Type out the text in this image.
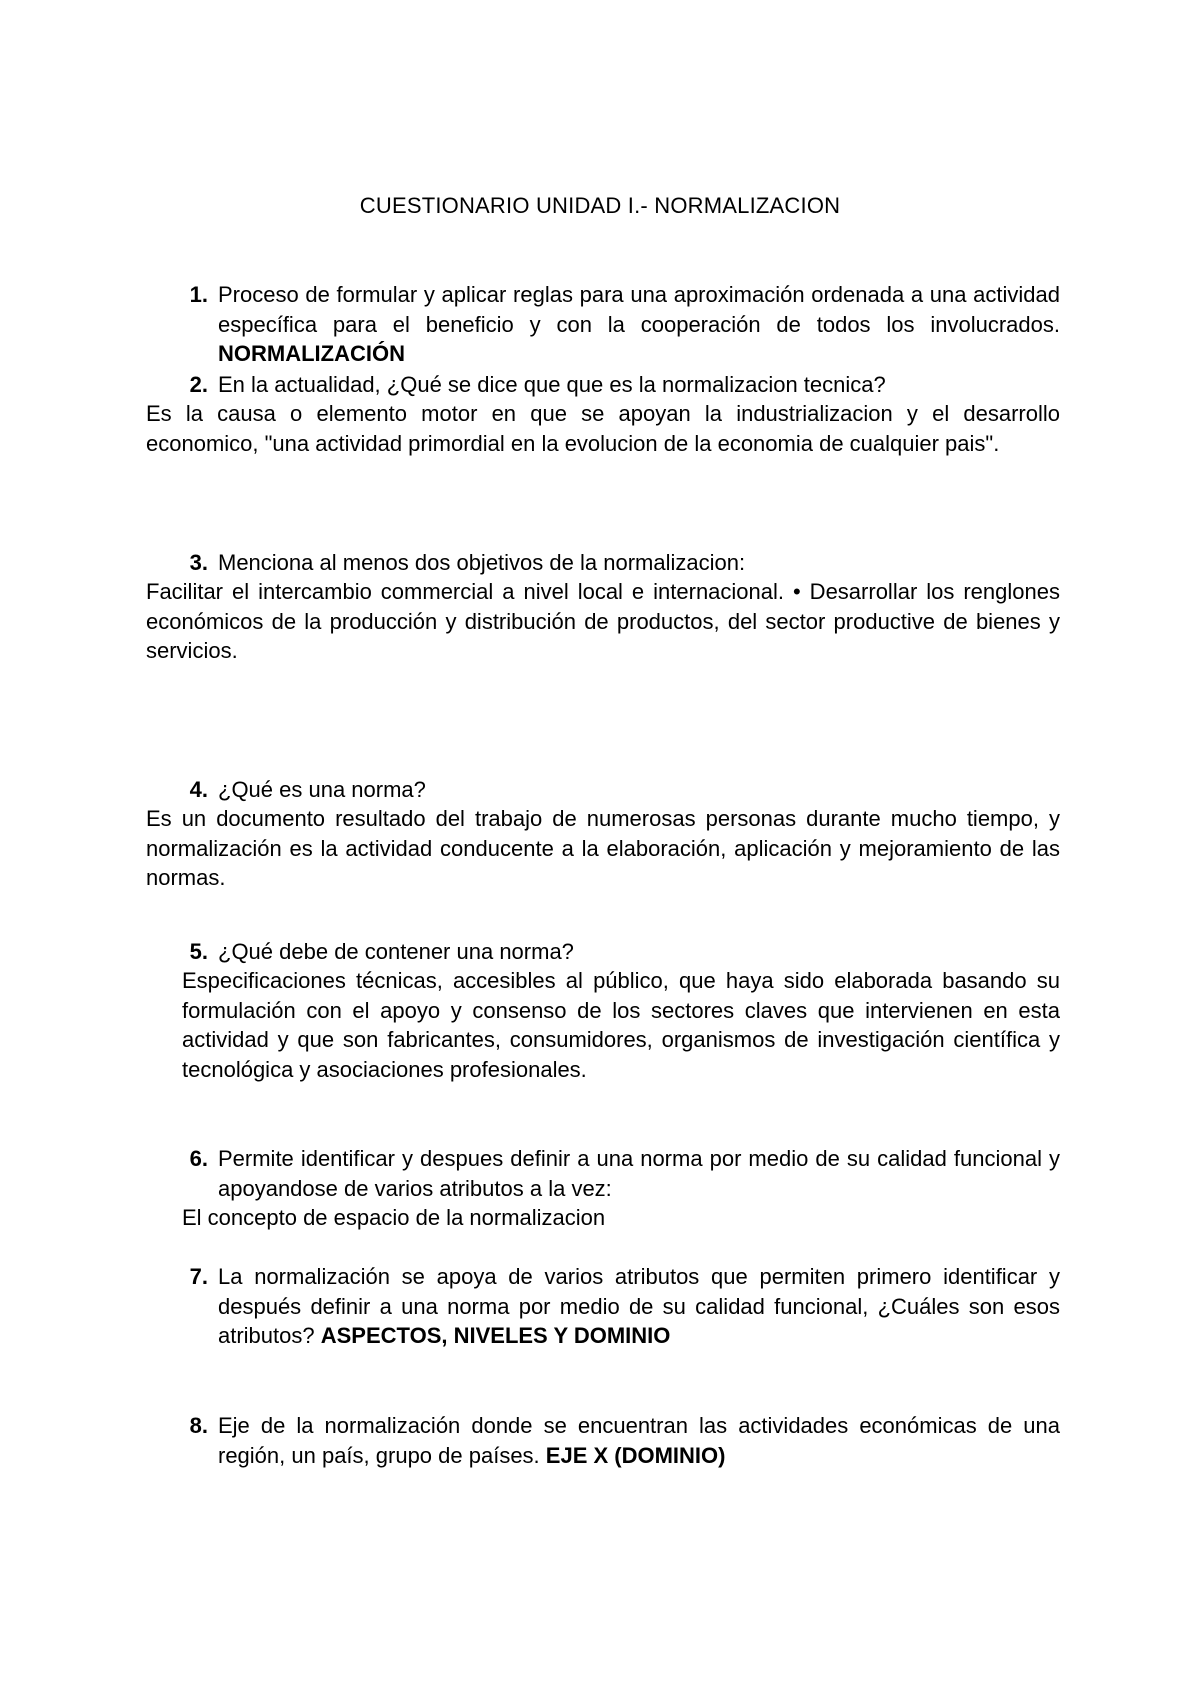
CUESTIONARIO UNIDAD I.- NORMALIZACION
1. Proceso de formular y aplicar reglas para una aproximación ordenada a una actividad específica para el beneficio y con la cooperación de todos los involucrados. NORMALIZACIÓN
2. En la actualidad, ¿Qué se dice que que es la normalizacion tecnica?
Es la causa o elemento motor en que se apoyan la industrializacion y el desarrollo economico, "una actividad primordial en la evolucion de la economia de cualquier pais".
3. Menciona al menos dos objetivos de la normalizacion:
Facilitar el intercambio commercial a nivel local e internacional. • Desarrollar los renglones económicos de la producción y distribución de productos, del sector productive de bienes y servicios.
4. ¿Qué es una norma?
Es un documento resultado del trabajo de numerosas personas durante mucho tiempo, y normalización es la actividad conducente a la elaboración, aplicación y mejoramiento de las normas.
5. ¿Qué debe de contener una norma?
Especificaciones técnicas, accesibles al público, que haya sido elaborada basando su formulación con el apoyo y consenso de los sectores claves que intervienen en esta actividad y que son fabricantes, consumidores, organismos de investigación científica y tecnológica y asociaciones profesionales.
6. Permite identificar y despues definir a una norma por medio de su calidad funcional y apoyandose de varios atributos a la vez:
El concepto de espacio de la normalizacion
7. La normalización se apoya de varios atributos que permiten primero identificar y después definir a una norma por medio de su calidad funcional, ¿Cuáles son esos atributos? ASPECTOS, NIVELES Y DOMINIO
8. Eje de la normalización donde se encuentran las actividades económicas de una región, un país, grupo de países. EJE X (DOMINIO)
